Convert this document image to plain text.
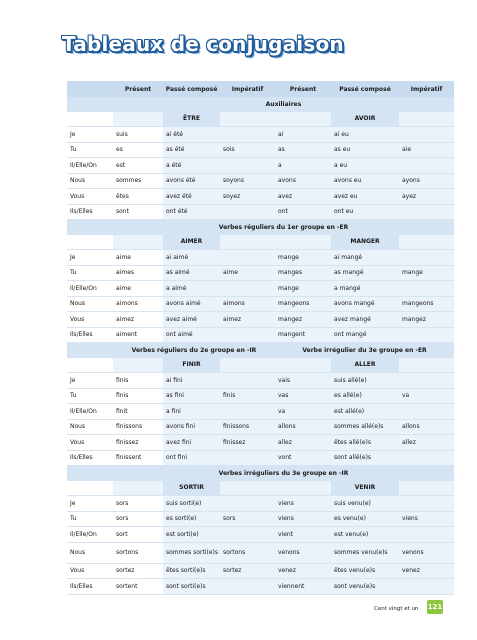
Tableaux de conjugaison
	Présent	Passé composé	Impératif	Présent	Passé composé	Impératif
	Auxiliaires					
		ÊTRE			AVOIR	
Je	suis	ai été		ai	ai eu	
Tu	es	as été	sois	as	as eu	aie
Il/Elle/On	est	a été		a	a eu	
Nous	sommes	avons été	soyons	avons	avons eu	ayons
Vous	êtes	avez été	soyez	avez	avez eu	ayez
Ils/Elles	sont	ont été		ont	ont eu	
	Verbes réguliers du 1er groupe en -ER					
		AIMER			MANGER	
Je	aime	ai aimé		mange	ai mangé	
Tu	aimes	as aimé	aime	manges	as mangé	mange
Il/Elle/On	aime	a aimé		mange	a mangé	
Nous	aimons	avons aimé	aimons	mangeons	avons mangé	mangeons
Vous	aimez	avez aimé	aimez	mangez	avez mangé	mangez
Ils/Elles	aiment	ont aimé		mangent	ont mangé	
	Verbes réguliers du 2e groupe en -IR			Verbe irrégulier du 3e groupe en -ER		
		FINIR			ALLER	
Je	finis	ai fini		vais	suis allé(e)	
Tu	finis	as fini	finis	vas	es allé(e)	va
Il/Elle/On	finit	a fini		va	est allé(e)	
Nous	finissons	avons fini	finissons	allons	sommes allé(e)s	allons
Vous	finissez	avez fini	finissez	allez	êtes allé(e)s	allez
Ils/Elles	finissent	ont fini		vont	sont allé(e)s	
	Verbes irréguliers du 3e groupe en -IR					
		SORTIR			VENIR	
Je	sors	suis sorti(e)		viens	suis venu(e)	
Tu	sors	es sorti(e)	sors	viens	es venu(e)	viens
Il/Elle/On	sort	est sorti(e)		vient	est venu(e)	
Nous	sortons	sommes sorti(e)s	sortons	venons	sommes venu(e)s	venons
Vous	sortez	êtes sorti(e)s	sortez	venez	êtes venu(e)s	venez
Ils/Elles	sortent	sont sorti(e)s		viennent	sont venu(e)s	
Cent vingt et un 121
